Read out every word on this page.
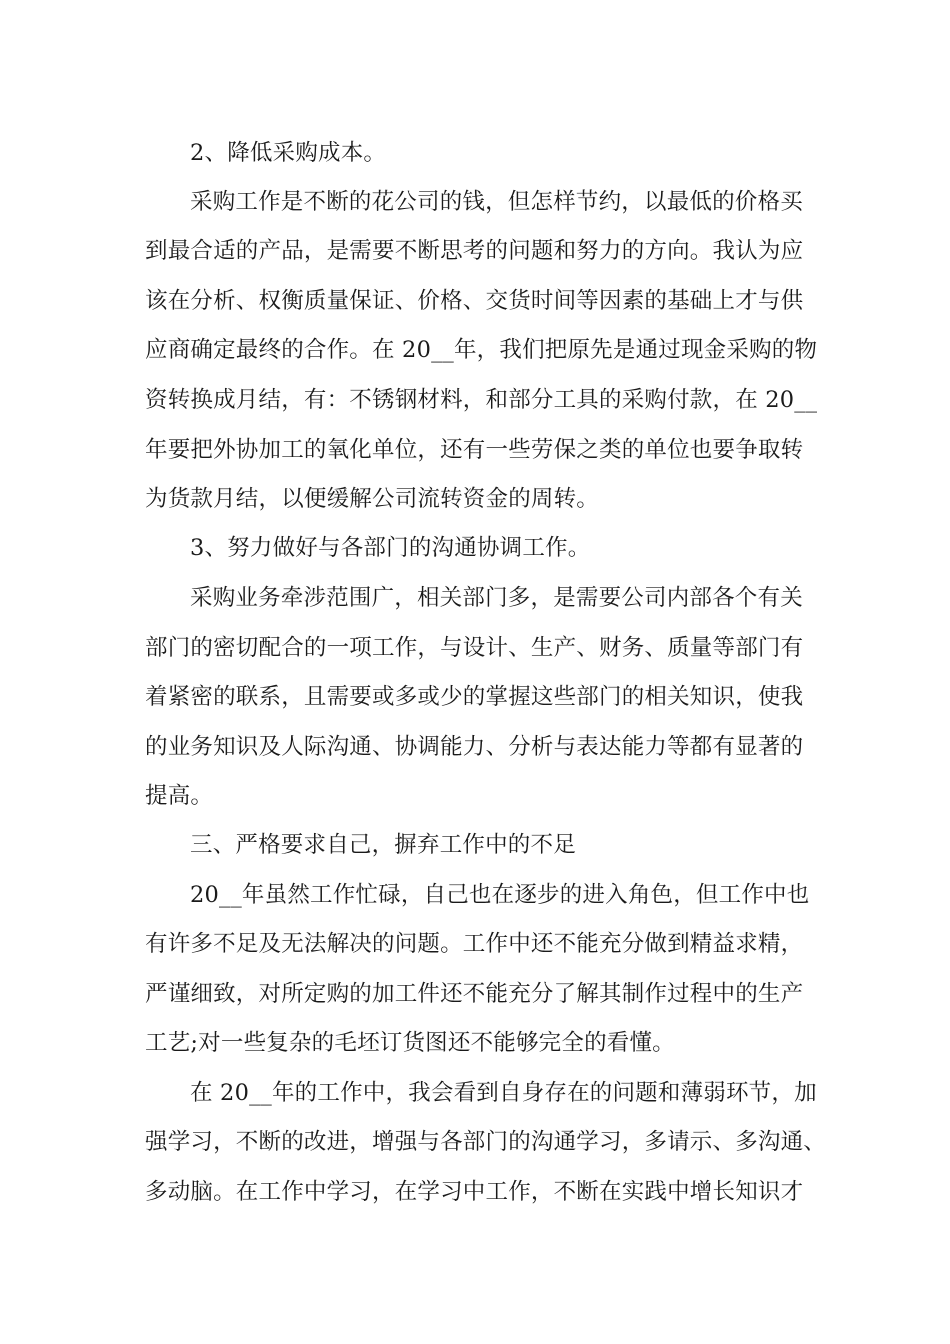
2、降低采购成本。
采购工作是不断的花公司的钱，但怎样节约，以最低的价格买
到最合适的产品，是需要不断思考的问题和努力的方向。我认为应
该在分析、权衡质量保证、价格、交货时间等因素的基础上才与供
应商确定最终的合作。在 20__年，我们把原先是通过现金采购的物
资转换成月结，有：不锈钢材料，和部分工具的采购付款，在 20__
年要把外协加工的氧化单位，还有一些劳保之类的单位也要争取转
为货款月结，以便缓解公司流转资金的周转。
3、努力做好与各部门的沟通协调工作。
采购业务牵涉范围广，相关部门多，是需要公司内部各个有关
部门的密切配合的一项工作，与设计、生产、财务、质量等部门有
着紧密的联系，且需要或多或少的掌握这些部门的相关知识，使我
的业务知识及人际沟通、协调能力、分析与表达能力等都有显著的
提高。
三、严格要求自己，摒弃工作中的不足
20__年虽然工作忙碌，自己也在逐步的进入角色，但工作中也
有许多不足及无法解决的问题。工作中还不能充分做到精益求精，
严谨细致，对所定购的加工件还不能充分了解其制作过程中的生产
工艺;对一些复杂的毛坯订货图还不能够完全的看懂。
在 20__年的工作中，我会看到自身存在的问题和薄弱环节，加
强学习，不断的改进，增强与各部门的沟通学习，多请示、多沟通、
多动脑。在工作中学习，在学习中工作，不断在实践中增长知识才
